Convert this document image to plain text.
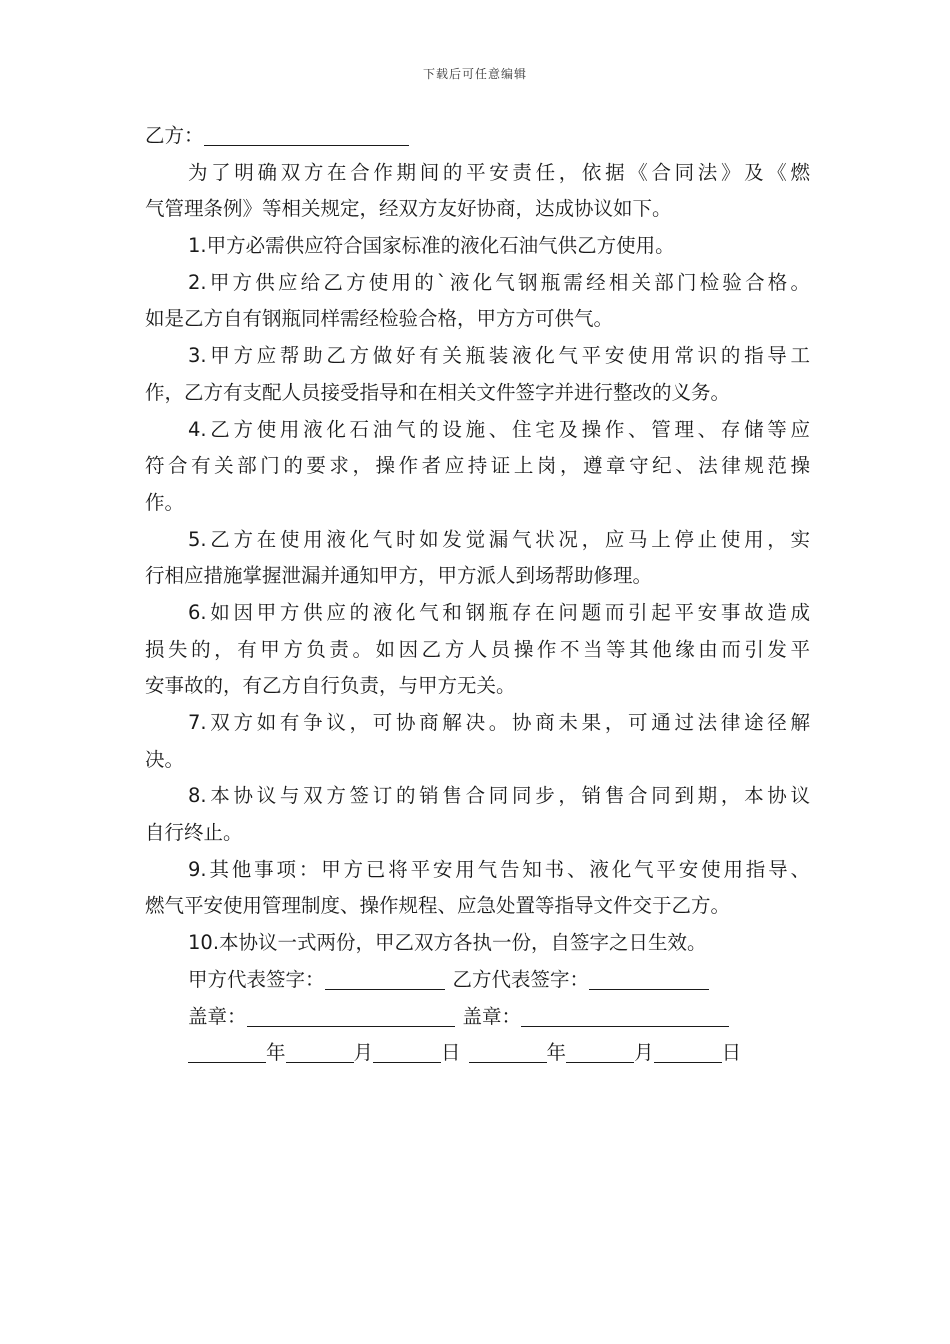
下载后可任意编辑
乙方：
为了明确双方在合作期间的平安责任，依据《合同法》及《燃
气管理条例》等相关规定，经双方友好协商，达成协议如下。
1.甲方必需供应符合国家标准的液化石油气供乙方使用。
2.甲方供应给乙方使用的`液化气钢瓶需经相关部门检验合格。
如是乙方自有钢瓶同样需经检验合格，甲方方可供气。
3.甲方应帮助乙方做好有关瓶装液化气平安使用常识的指导工
作，乙方有支配人员接受指导和在相关文件签字并进行整改的义务。
4.乙方使用液化石油气的设施、住宅及操作、管理、存储等应
符合有关部门的要求，操作者应持证上岗，遵章守纪、法律规范操
作。
5.乙方在使用液化气时如发觉漏气状况，应马上停止使用，实
行相应措施掌握泄漏并通知甲方，甲方派人到场帮助修理。
6.如因甲方供应的液化气和钢瓶存在问题而引起平安事故造成
损失的，有甲方负责。如因乙方人员操作不当等其他缘由而引发平
安事故的，有乙方自行负责，与甲方无关。
7.双方如有争议，可协商解决。协商未果，可通过法律途径解
决。
8.本协议与双方签订的销售合同同步，销售合同到期，本协议
自行终止。
9.其他事项：甲方已将平安用气告知书、液化气平安使用指导、
燃气平安使用管理制度、操作规程、应急处置等指导文件交于乙方。
10.本协议一式两份，甲乙双方各执一份，自签字之日生效。
甲方代表签字：	乙方代表签字：
盖章：	盖章：
年	月	日	年	月	日
